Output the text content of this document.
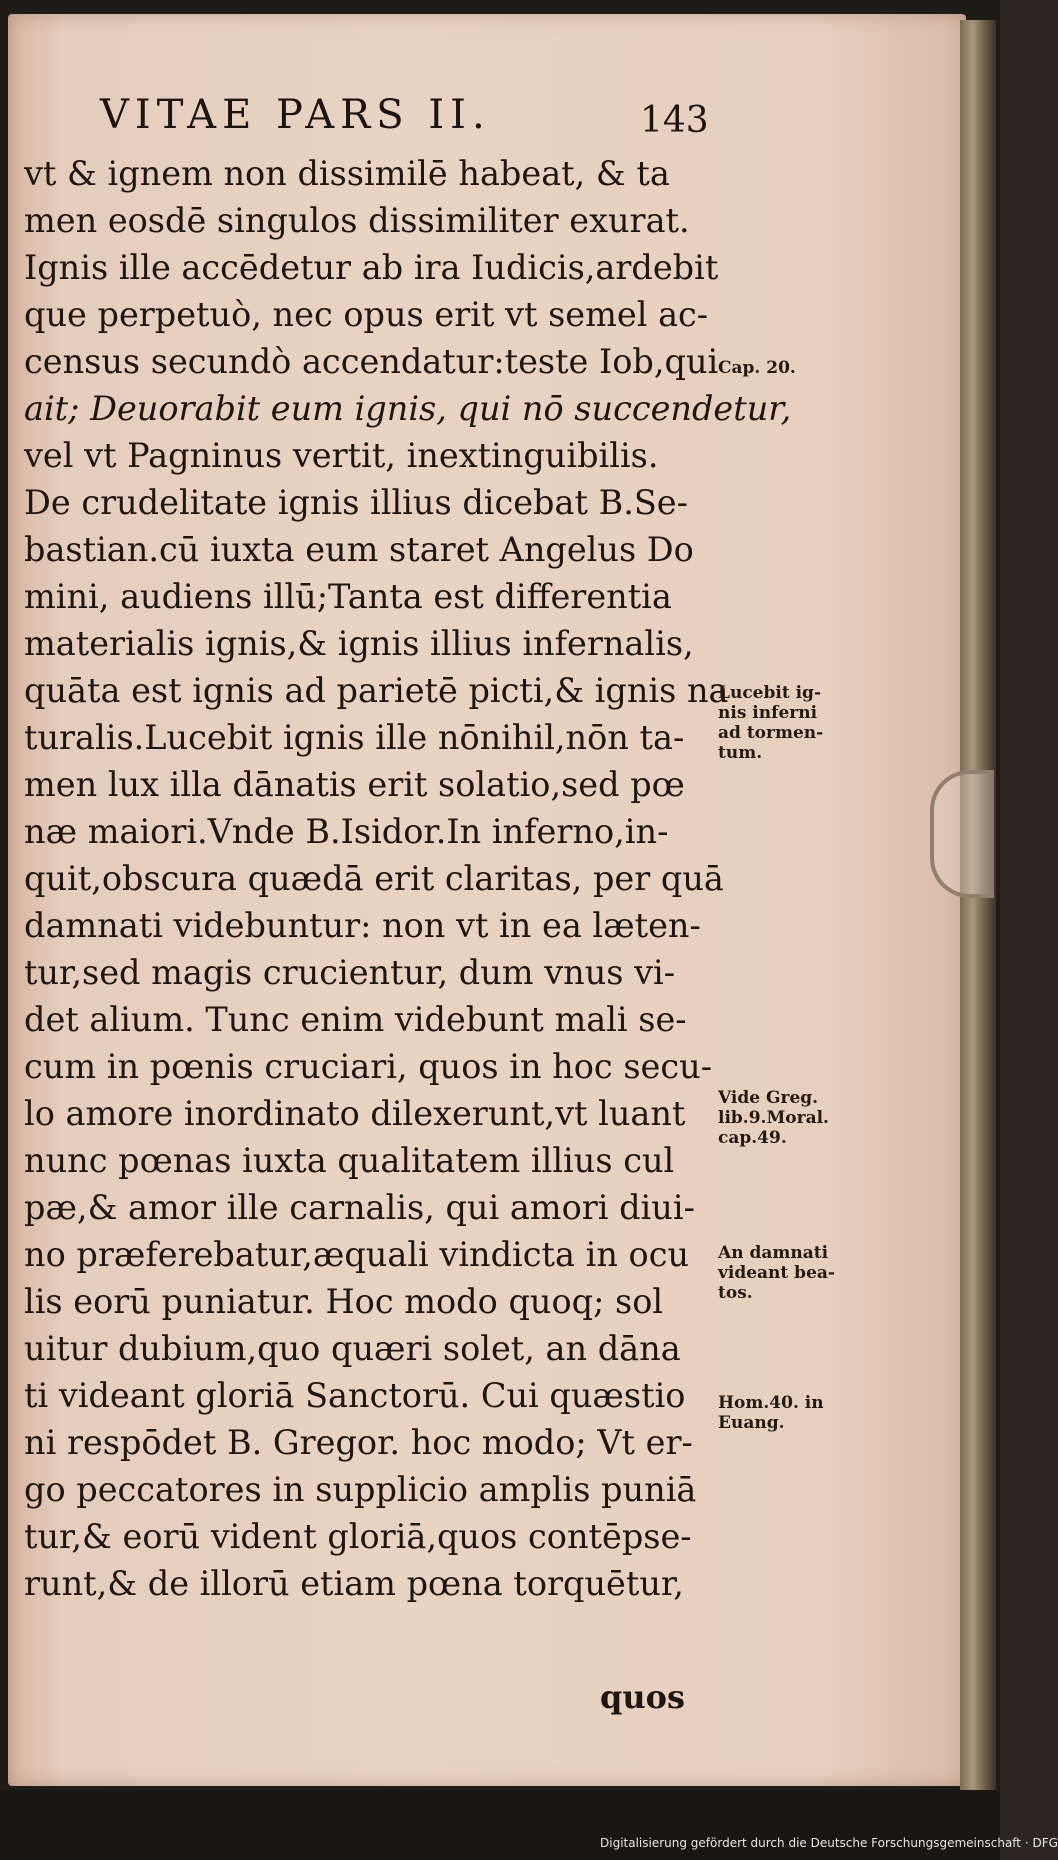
VITAE PARS II.	143
vt & ignem non dissimilē habeat, & ta
men eosdē singulos dissimiliter exurat.
Ignis ille accēdetur ab ira Iudicis,ardebit
que perpetuò, nec opus erit vt semel ac-
census secundò accendatur:teste Iob,qui
ait; Deuorabit eum ignis, qui nō succendetur,
vel vt Pagninus vertit, inextinguibilis.
De crudelitate ignis illius dicebat B.Se-
bastian.cū iuxta eum staret Angelus Do
mini, audiens illū;Tanta est differentia
materialis ignis,& ignis illius infernalis,
quāta est ignis ad parietē picti,& ignis na
turalis.Lucebit ignis ille nōnihil,nōn ta-
men lux illa dānatis erit solatio,sed pœ
næ maiori.Vnde B.Isidor.In inferno,in-
quit,obscura quædā erit claritas, per quā
damnati videbuntur: non vt in ea læten-
tur,sed magis crucientur, dum vnus vi-
det alium. Tunc enim videbunt mali se-
cum in pœnis cruciari, quos in hoc secu-
lo amore inordinato dilexerunt,vt luant
nunc pœnas iuxta qualitatem illius cul
pæ,& amor ille carnalis, qui amori diui-
no præferebatur,æquali vindicta in ocu
lis eorū puniatur. Hoc modo quoq; sol
uitur dubium,quo quæri solet, an dāna
ti videant gloriā Sanctorū. Cui quæstio
ni respōdet B. Gregor. hoc modo; Vt er-
go peccatores in supplicio amplis puniā
tur,& eorū vident gloriā,quos contēpse-
runt,& de illorū etiam pœna torquētur,
quos
Cap. 20.
Lucebit ig-
nis inferni
ad tormen-
tum.
Vide Greg.
lib.9.Moral.
cap.49.
An damnati
videant bea-
tos.
Hom.40. in
Euang.
Digitalisierung gefördert durch die Deutsche Forschungsgemeinschaft · DFG
